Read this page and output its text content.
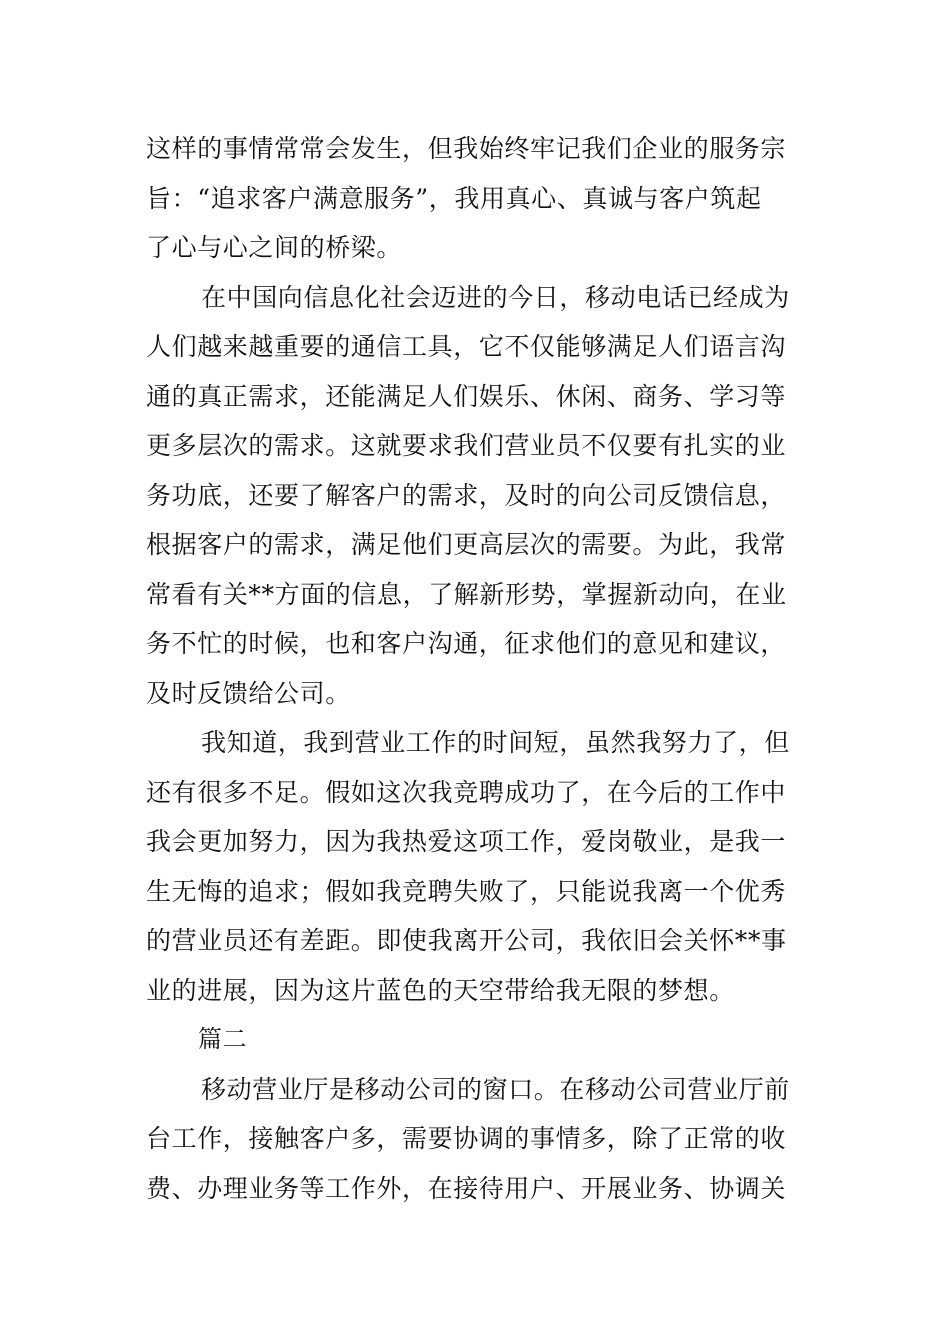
这样的事情常常会发生，但我始终牢记我们企业的服务宗
旨：“追求客户满意服务”，我用真心、真诚与客户筑起
了心与心之间的桥梁。
在中国向信息化社会迈进的今日，移动电话已经成为
人们越来越重要的通信工具，它不仅能够满足人们语言沟
通的真正需求，还能满足人们娱乐、休闲、商务、学习等
更多层次的需求。这就要求我们营业员不仅要有扎实的业
务功底，还要了解客户的需求，及时的向公司反馈信息，
根据客户的需求，满足他们更高层次的需要。为此，我常
常看有关**方面的信息，了解新形势，掌握新动向，在业
务不忙的时候，也和客户沟通，征求他们的意见和建议，
及时反馈给公司。
我知道，我到营业工作的时间短，虽然我努力了，但
还有很多不足。假如这次我竞聘成功了，在今后的工作中
我会更加努力，因为我热爱这项工作，爱岗敬业，是我一
生无悔的追求；假如我竞聘失败了，只能说我离一个优秀
的营业员还有差距。即使我离开公司，我依旧会关怀**事
业的进展，因为这片蓝色的天空带给我无限的梦想。
篇二
移动营业厅是移动公司的窗口。在移动公司营业厅前
台工作，接触客户多，需要协调的事情多，除了正常的收
费、办理业务等工作外，在接待用户、开展业务、协调关
